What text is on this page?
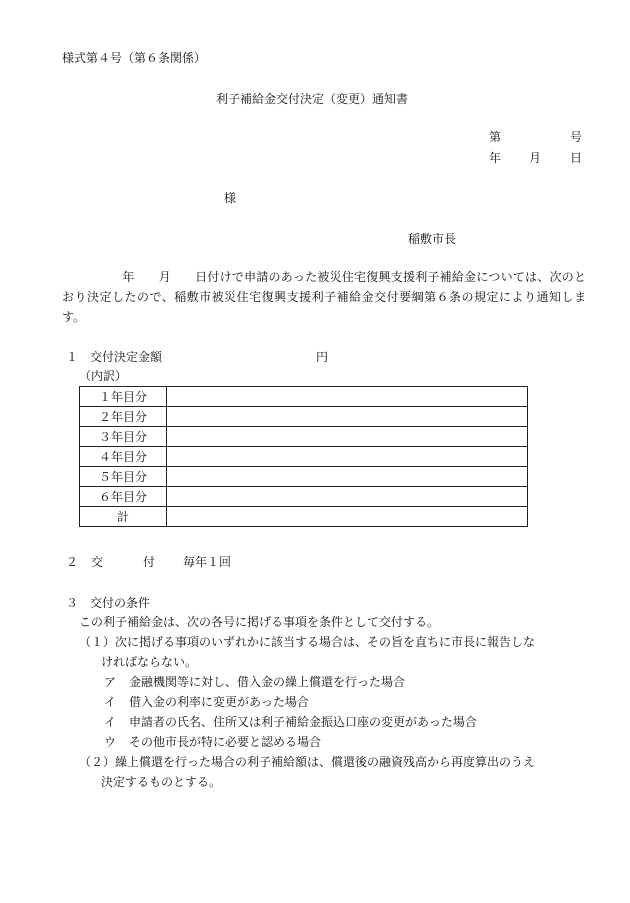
様式第４号（第６条関係）
利子補給金交付決定（変更）通知書
第	号
年 月 日
様
稲敷市長
年 月 日付けで申請のあった被災住宅復興支援利子補給金については、次のとおり決定したので、稲敷市被災住宅復興支援利子補給金交付要綱第６条の規定により通知します。
１ 交付決定金額	円
（内訳）
１年目分	
２年目分	
３年目分	
４年目分	
５年目分	
６年目分	
計	
２ 交	付 毎年１回
３ 交付の条件
この利子補給金は、次の各号に掲げる事項を条件として交付する。
（１） 次に掲げる事項のいずれかに該当する場合は、その旨を直ちに市長に報告しな
ければならない。
ア 金融機関等に対し、借入金の繰上償還を行った場合
イ 借入金の利率に変更があった場合
イ 申請者の氏名、住所又は利子補給金振込口座の変更があった場合
ウ その他市長が特に必要と認める場合
（２） 繰上償還を行った場合の利子補給額は、償還後の融資残高から再度算出のうえ
決定するものとする。
